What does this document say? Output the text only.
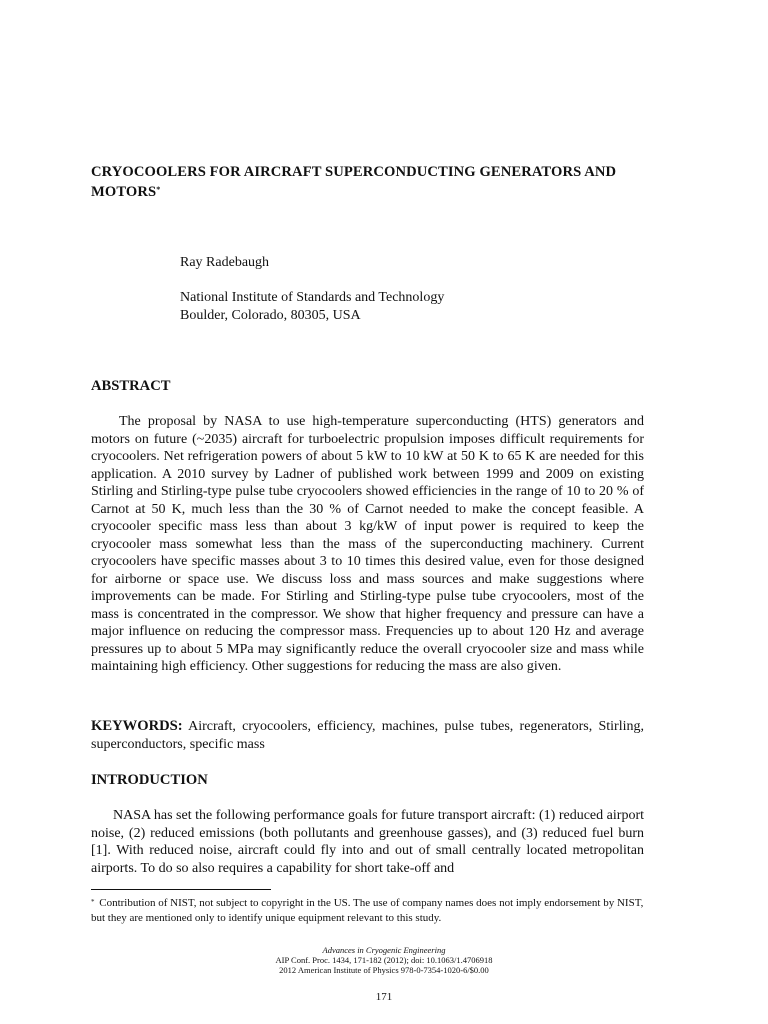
CRYOCOOLERS FOR AIRCRAFT SUPERCONDUCTING GENERATORS AND MOTORS*
Ray Radebaugh
National Institute of Standards and Technology
Boulder, Colorado, 80305, USA
ABSTRACT
The proposal by NASA to use high-temperature superconducting (HTS) generators and motors on future (~2035) aircraft for turboelectric propulsion imposes difficult requirements for cryocoolers. Net refrigeration powers of about 5 kW to 10 kW at 50 K to 65 K are needed for this application. A 2010 survey by Ladner of published work between 1999 and 2009 on existing Stirling and Stirling-type pulse tube cryocoolers showed efficiencies in the range of 10 to 20 % of Carnot at 50 K, much less than the 30 % of Carnot needed to make the concept feasible. A cryocooler specific mass less than about 3 kg/kW of input power is required to keep the cryocooler mass somewhat less than the mass of the superconducting machinery. Current cryocoolers have specific masses about 3 to 10 times this desired value, even for those designed for airborne or space use. We discuss loss and mass sources and make suggestions where improvements can be made. For Stirling and Stirling-type pulse tube cryocoolers, most of the mass is concentrated in the compressor. We show that higher frequency and pressure can have a major influence on reducing the compressor mass. Frequencies up to about 120 Hz and average pressures up to about 5 MPa may significantly reduce the overall cryocooler size and mass while maintaining high efficiency. Other suggestions for reducing the mass are also given.
KEYWORDS: Aircraft, cryocoolers, efficiency, machines, pulse tubes, regenerators, Stirling, superconductors, specific mass
INTRODUCTION
NASA has set the following performance goals for future transport aircraft: (1) reduced airport noise, (2) reduced emissions (both pollutants and greenhouse gasses), and (3) reduced fuel burn [1]. With reduced noise, aircraft could fly into and out of small centrally located metropolitan airports. To do so also requires a capability for short take-off and
* Contribution of NIST, not subject to copyright in the US. The use of company names does not imply endorsement by NIST, but they are mentioned only to identify unique equipment relevant to this study.
Advances in Cryogenic Engineering
AIP Conf. Proc. 1434, 171-182 (2012); doi: 10.1063/1.4706918
2012 American Institute of Physics 978-0-7354-1020-6/$0.00
171
